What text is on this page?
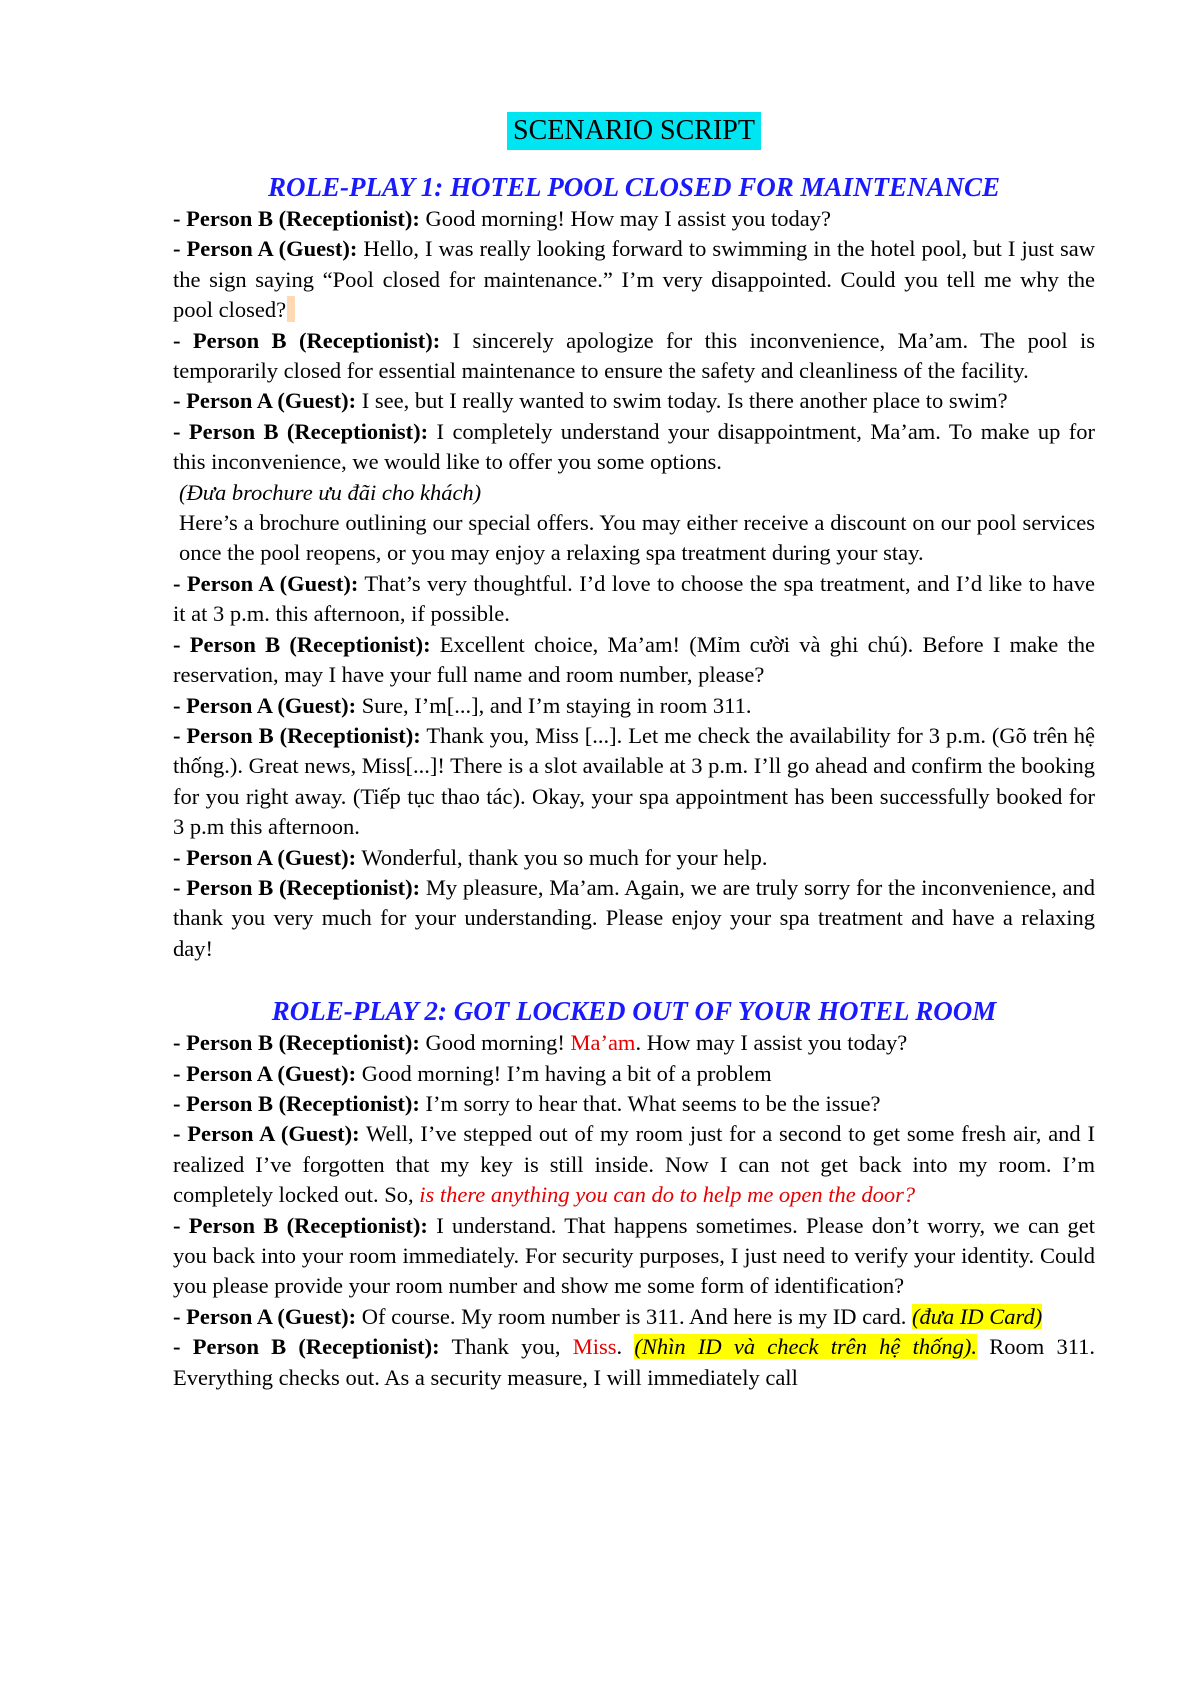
SCENARIO SCRIPT
ROLE-PLAY 1: HOTEL POOL CLOSED FOR MAINTENANCE

- Person B (Receptionist): Good morning! How may I assist you today?

- Person A (Guest): Hello, I was really looking forward to swimming in the hotel pool, but I just saw the sign saying “Pool closed for maintenance.” I’m very disappointed. Could you tell me why the pool closed?

- Person B (Receptionist): I sincerely apologize for this inconvenience, Ma’am. The pool is temporarily closed for essential maintenance to ensure the safety and cleanliness of the facility.

- Person A (Guest): I see, but I really wanted to swim today. Is there another place to swim?

- Person B (Receptionist): I completely understand your disappointment, Ma’am. To make up for this inconvenience, we would like to offer you some options.

(Đưa brochure ưu đãi cho khách)

Here’s a brochure outlining our special offers. You may either receive a discount on our pool services once the pool reopens, or you may enjoy a relaxing spa treatment during your stay.

- Person A (Guest): That’s very thoughtful. I’d love to choose the spa treatment, and I’d like to have it at 3 p.m. this afternoon, if possible.

- Person B (Receptionist): Excellent choice, Ma’am! (Mỉm cười và ghi chú). Before I make the reservation, may I have your full name and room number, please?

- Person A (Guest): Sure, I’m[...], and I’m staying in room 311.

- Person B (Receptionist): Thank you, Miss [...]. Let me check the availability for 3 p.m. (Gõ trên hệ thống.). Great news, Miss[...]! There is a slot available at 3 p.m. I’ll go ahead and confirm the booking for you right away. (Tiếp tục thao tác). Okay, your spa appointment has been successfully booked for 3 p.m this afternoon.

- Person A (Guest): Wonderful, thank you so much for your help.

- Person B (Receptionist): My pleasure, Ma’am. Again, we are truly sorry for the inconvenience, and thank you very much for your understanding. Please enjoy your spa treatment and have a relaxing day!

ROLE-PLAY 2: GOT LOCKED OUT OF YOUR HOTEL ROOM

- Person B (Receptionist): Good morning! Ma’am. How may I assist you today?

- Person A (Guest): Good morning! I’m having a bit of a problem

- Person B (Receptionist): I’m sorry to hear that. What seems to be the issue?

- Person A (Guest): Well, I’ve stepped out of my room just for a second to get some fresh air, and I realized I’ve forgotten that my key is still inside. Now I can not get back into my room. I’m completely locked out. So, is there anything you can do to help me open the door?

- Person B (Receptionist): I understand. That happens sometimes. Please don’t worry, we can get you back into your room immediately. For security purposes, I just need to verify your identity. Could you please provide your room number and show me some form of identification?

- Person A (Guest): Of course. My room number is 311. And here is my ID card. (đưa ID Card)

- Person B (Receptionist): Thank you, Miss. (Nhìn ID và check trên hệ thống). Room 311. Everything checks out. As a security measure, I will immediately call
